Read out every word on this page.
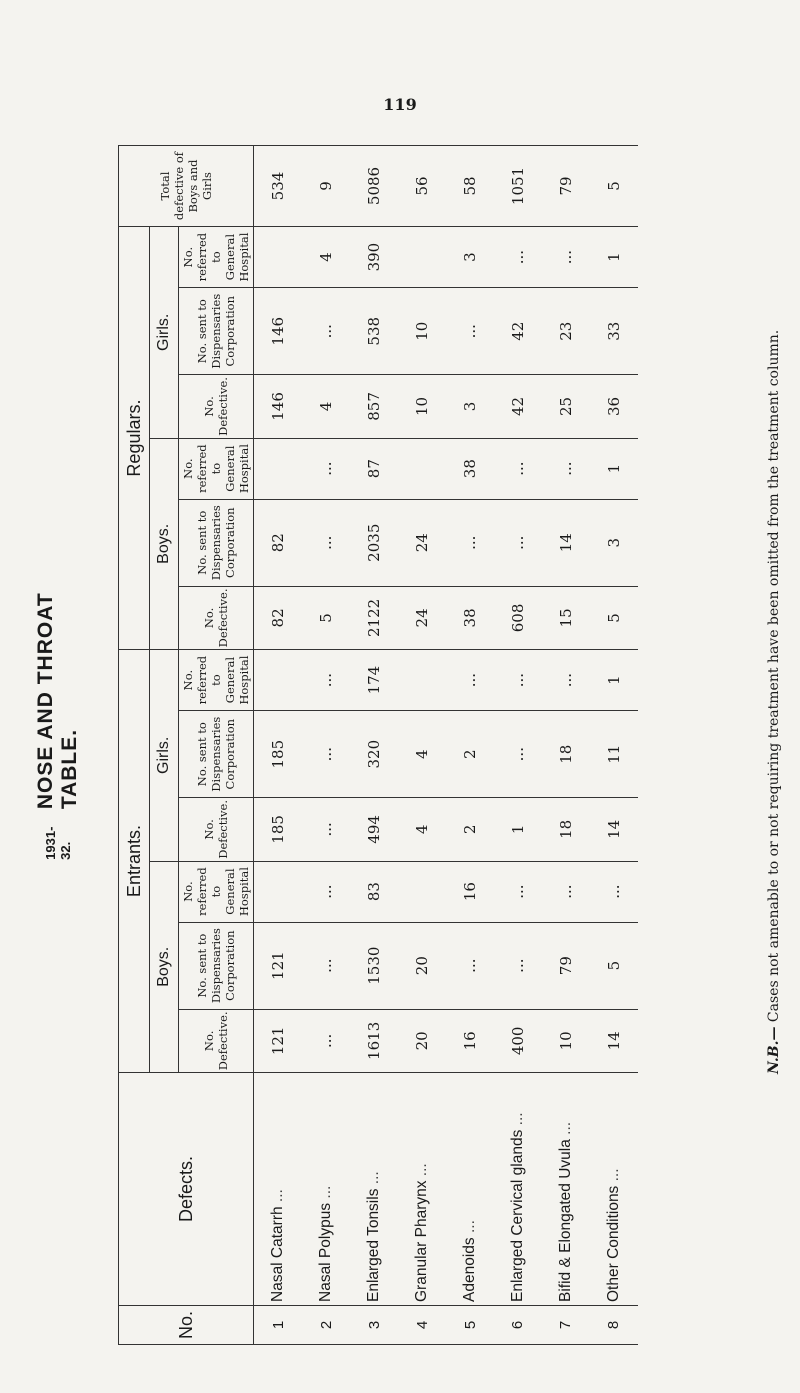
119
NOSE AND THROAT TABLE.
1931-32.
N.B.— Cases not amenable to or not requiring treatment have been omitted from the treatment column.
No.	Defects.	Entrants.						Regulars.						Total defective of Boys and Girls
		Boys.			Girls.			Boys.			Girls.			
		No. Defective.	No. sent to Dispensaries Corporation	No. referred to General Hospital	No. Defective.	No. sent to Dispensaries Corporation	No. referred to General Hospital	No. Defective.	No. sent to Dispensaries Corporation	No. referred to General Hospital	No. Defective.	No. sent to Dispensaries Corporation	No. referred to General Hospital	
1	Nasal Catarrh ...	121	121		185	185		82	82		146	146		534
2	Nasal Polypus ...	...	...	...	...	...	...	5	...	...	4	...	4	9
3	Enlarged Tonsils ...	1613	1530	83	494	320	174	2122	2035	87	857	538	390	5086
4	Granular Pharynx ...	20	20		4	4		24	24		10	10		56
5	Adenoids ...	16	...	16	2	2	...	38	...	38	3	...	3	58
6	Enlarged Cervical glands ...	400	...	...	1	...	...	608	...	...	42	42	...	1051
7	Bifid & Elongated Uvula ...	10	79	...	18	18	...	15	14	...	25	23	...	79
8	Other Conditions ...	14	5	...	14	11	1	5	3	1	36	33	1	5
